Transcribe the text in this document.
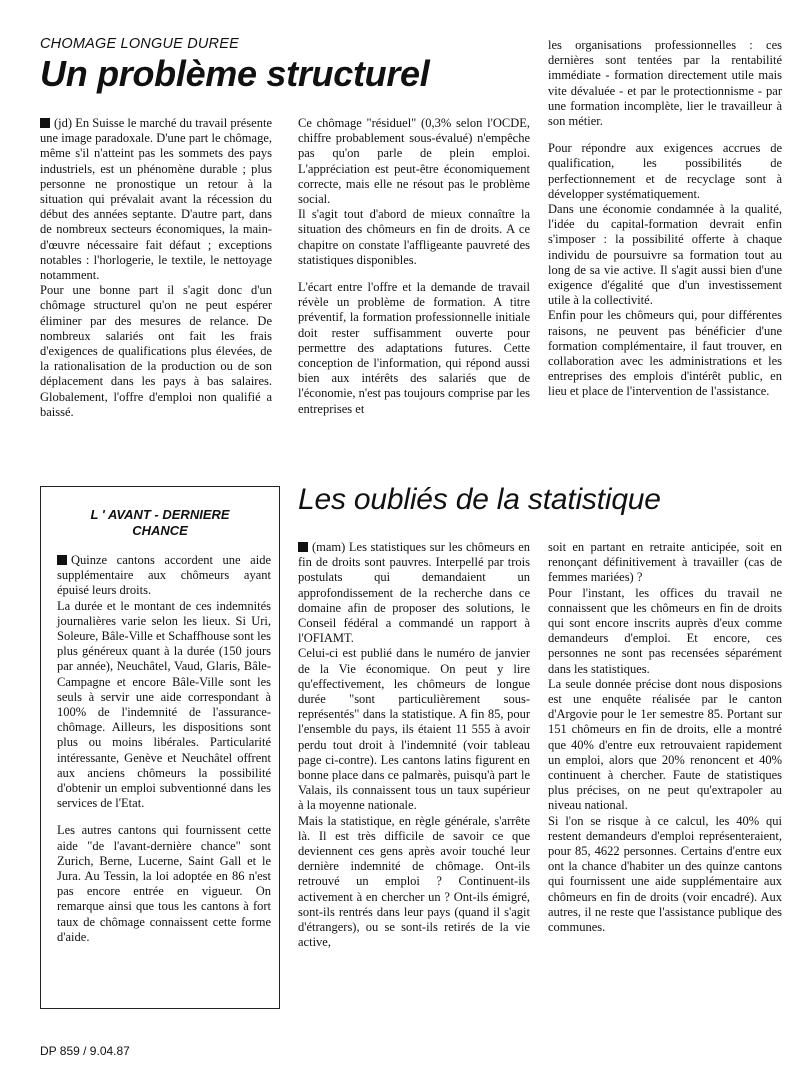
CHOMAGE LONGUE DUREE
Un problème structurel

(jd) En Suisse le marché du travail présente une image paradoxale. D'une part le chômage, même s'il n'atteint pas les sommets des pays industriels, est un phénomène durable ; plus personne ne pronostique un retour à la situation qui prévalait avant la récession du début des années septante. D'autre part, dans de nombreux secteurs économiques, la main-d'œuvre nécessaire fait défaut ; exceptions notables : l'horlogerie, le textile, le nettoyage notamment.

Pour une bonne part il s'agit donc d'un chômage structurel qu'on ne peut espérer éliminer par des mesures de relance. De nombreux salariés ont fait les frais d'exigences de qualifications plus élevées, de la rationalisation de la production ou de son déplacement dans les pays à bas salaires. Globalement, l'offre d'emploi non qualifié a baissé.

Ce chômage "résiduel" (0,3% selon l'OCDE, chiffre probablement sous-évalué) n'empêche pas qu'on parle de plein emploi. L'appréciation est peut-être économiquement correcte, mais elle ne résout pas le problème social.

Il s'agit tout d'abord de mieux connaître la situation des chômeurs en fin de droits. A ce chapitre on constate l'affligeante pauvreté des statistiques disponibles.

L'écart entre l'offre et la demande de travail révèle un problème de formation. A titre préventif, la formation professionnelle initiale doit rester suffisamment ouverte pour permettre des adaptations futures. Cette conception de l'information, qui répond aussi bien aux intérêts des salariés que de l'économie, n'est pas toujours comprise par les entreprises et

les organisations professionnelles : ces dernières sont tentées par la rentabilité immédiate - formation directement utile mais vite dévaluée - et par le protectionnisme - par une formation incomplète, lier le travailleur à son métier.

Pour répondre aux exigences accrues de qualification, les possibilités de perfectionnement et de recyclage sont à développer systématiquement.

Dans une économie condamnée à la qualité, l'idée du capital-formation devrait enfin s'imposer : la possibilité offerte à chaque individu de poursuivre sa formation tout au long de sa vie active. Il s'agit aussi bien d'une exigence d'égalité que d'un investissement utile à la collectivité.

Enfin pour les chômeurs qui, pour différentes raisons, ne peuvent pas bénéficier d'une formation complémentaire, il faut trouver, en collaboration avec les administrations et les entreprises des emplois d'intérêt public, en lieu et place de l'intervention de l'assistance.

L ' AVANT - DERNIERE
CHANCE

Quinze cantons accordent une aide supplémentaire aux chômeurs ayant épuisé leurs droits.

La durée et le montant de ces indemnités journalières varie selon les lieux. Si Uri, Soleure, Bâle-Ville et Schaffhouse sont les plus généreux quant à la durée (150 jours par année), Neuchâtel, Vaud, Glaris, Bâle-Campagne et encore Bâle-Ville sont les seuls à servir une aide correspondant à 100% de l'indemnité de l'assurance-chômage. Ailleurs, les dispositions sont plus ou moins libérales. Particularité intéressante, Genève et Neuchâtel offrent aux anciens chômeurs la possibilité d'obtenir un emploi subventionné dans les services de l'Etat.

Les autres cantons qui fournissent cette aide "de l'avant-dernière chance" sont Zurich, Berne, Lucerne, Saint Gall et le Jura. Au Tessin, la loi adoptée en 86 n'est pas encore entrée en vigueur. On remarque ainsi que tous les cantons à fort taux de chômage connaissent cette forme d'aide.

Les oubliés de la statistique

(mam) Les statistiques sur les chômeurs en fin de droits sont pauvres. Interpellé par trois postulats qui demandaient un approfondissement de la recherche dans ce domaine afin de proposer des solutions, le Conseil fédéral a commandé un rapport à l'OFIAMT.

Celui-ci est publié dans le numéro de janvier de la Vie économique. On peut y lire qu'effectivement, les chômeurs de longue durée "sont particulièrement sous-représentés" dans la statistique. A fin 85, pour l'ensemble du pays, ils étaient 11 555 à avoir perdu tout droit à l'indemnité (voir tableau page ci-contre). Les cantons latins figurent en bonne place dans ce palmarès, puisqu'à part le Valais, ils connaissent tous un taux supérieur à la moyenne nationale.

Mais la statistique, en règle générale, s'arrête là. Il est très difficile de savoir ce que deviennent ces gens après avoir touché leur dernière indemnité de chômage. Ont-ils retrouvé un emploi ? Continuent-ils activement à en chercher un ? Ont-ils émigré, sont-ils rentrés dans leur pays (quand il s'agit d'étrangers), ou se sont-ils retirés de la vie active,

soit en partant en retraite anticipée, soit en renonçant définitivement à travailler (cas de femmes mariées) ?

Pour l'instant, les offices du travail ne connaissent que les chômeurs en fin de droits qui sont encore inscrits auprès d'eux comme demandeurs d'emploi. Et encore, ces personnes ne sont pas recensées séparément dans les statistiques.

La seule donnée précise dont nous disposions est une enquête réalisée par le canton d'Argovie pour le 1er semestre 85. Portant sur 151 chômeurs en fin de droits, elle a montré que 40% d'entre eux retrouvaient rapidement un emploi, alors que 20% renoncent et 40% continuent à chercher. Faute de statistiques plus précises, on ne peut qu'extrapoler au niveau national.

Si l'on se risque à ce calcul, les 40% qui restent demandeurs d'emploi représenteraient, pour 85, 4622 personnes. Certains d'entre eux ont la chance d'habiter un des quinze cantons qui fournissent une aide supplémentaire aux chômeurs en fin de droits (voir encadré). Aux autres, il ne reste que l'assistance publique des communes.

DP 859 / 9.04.87
